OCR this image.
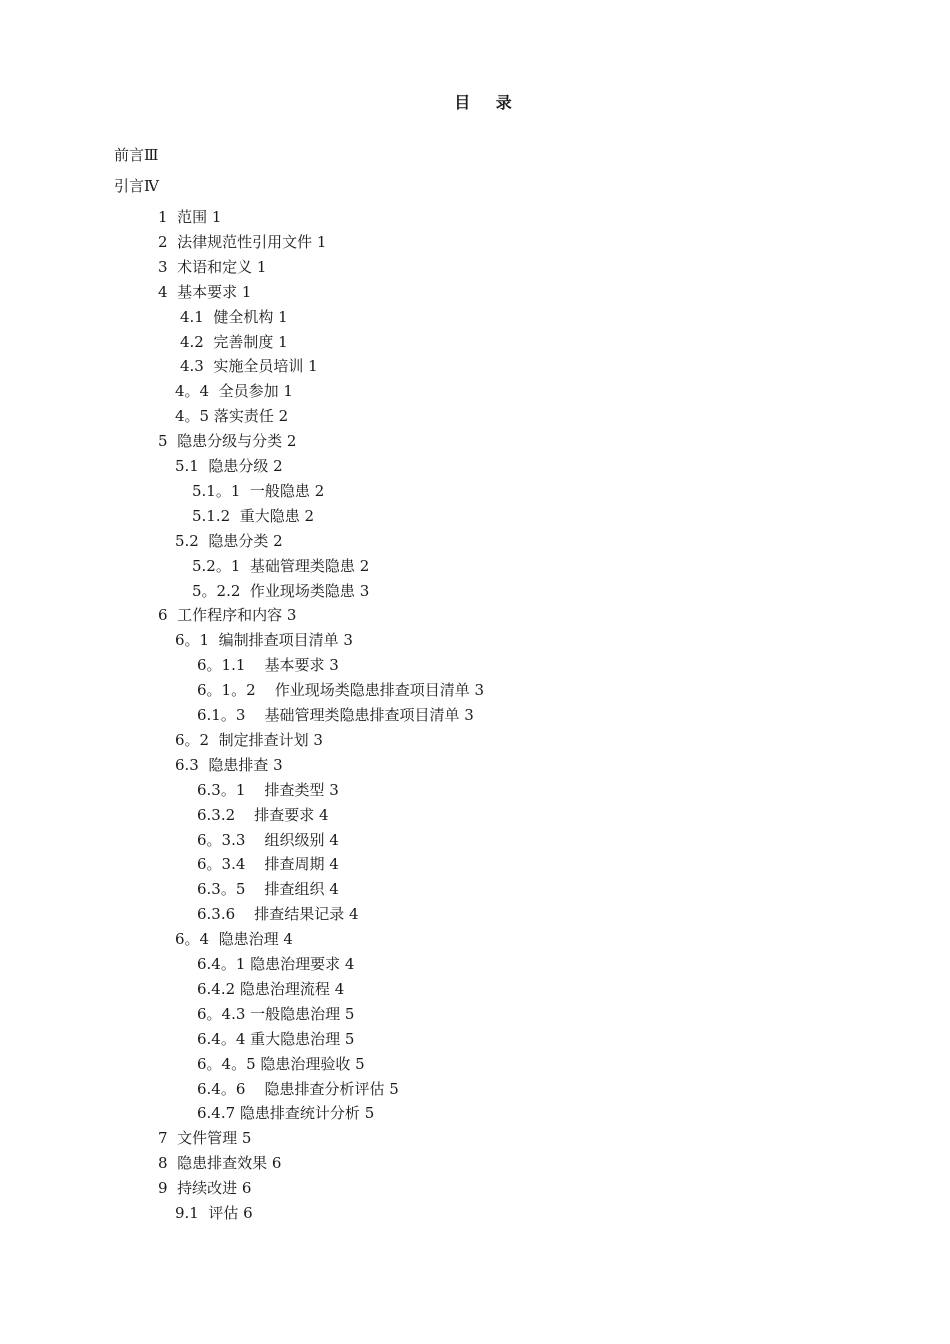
目 录
前言Ⅲ
引言Ⅳ
1  范围 1
2  法律规范性引用文件 1
3  术语和定义 1
4  基本要求 1
4.1  健全机构 1
4.2  完善制度 1
4.3  实施全员培训 1
4。4  全员参加 1
4。5 落实责任 2
5  隐患分级与分类 2
5.1  隐患分级 2
5.1。1  一般隐患 2
5.1.2  重大隐患 2
5.2  隐患分类 2
5.2。1  基础管理类隐患 2
5。2.2  作业现场类隐患 3
6  工作程序和内容 3
6。1  编制排查项目清单 3
6。1.1    基本要求 3
6。1。2    作业现场类隐患排查项目清单 3
6.1。3    基础管理类隐患排查项目清单 3
6。2  制定排查计划 3
6.3  隐患排查 3
6.3。1    排查类型 3
6.3.2    排查要求 4
6。3.3    组织级别 4
6。3.4    排查周期 4
6.3。5    排查组织 4
6.3.6    排查结果记录 4
6。4  隐患治理 4
6.4。1 隐患治理要求 4
6.4.2 隐患治理流程 4
6。4.3 一般隐患治理 5
6.4。4 重大隐患治理 5
6。4。5 隐患治理验收 5
6.4。6    隐患排查分析评估 5
6.4.7 隐患排查统计分析 5
7  文件管理 5
8  隐患排查效果 6
9  持续改进 6
9.1  评估 6
